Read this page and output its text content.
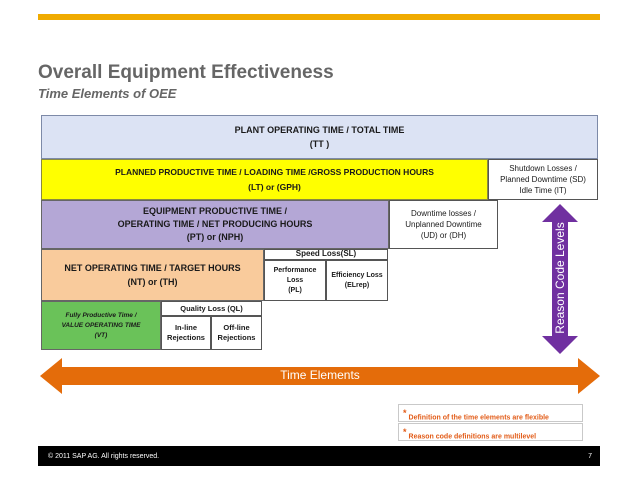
Overall Equipment Effectiveness
Time Elements of OEE
PLANT OPERATING TIME / TOTAL TIME
(TT )
PLANNED PRODUCTIVE TIME / LOADING TIME /GROSS PRODUCTION HOURS
(LT) or (GPH)
Shutdown Losses /
Planned Downtime (SD)
Idle Time (IT)
EQUIPMENT PRODUCTIVE TIME /
OPERATING TIME / NET PRODUCING HOURS
(PT) or (NPH)
Downtime losses /
Unplanned Downtime
(UD) or (DH)
NET OPERATING TIME / TARGET HOURS
(NT) or (TH)
Speed Loss(SL)
Performance
Loss
(PL)
Efficiency Loss
(ELrep)
Fully Productive Time /
VALUE OPERATING TIME
(VT)
Quality Loss (QL)
In-line
Rejections
Off-line
Rejections
Reason Code Levels
Time Elements
* Definition of the time elements are flexible
* Reason code definitions are multilevel
© 2011 SAP AG. All rights reserved.	7
